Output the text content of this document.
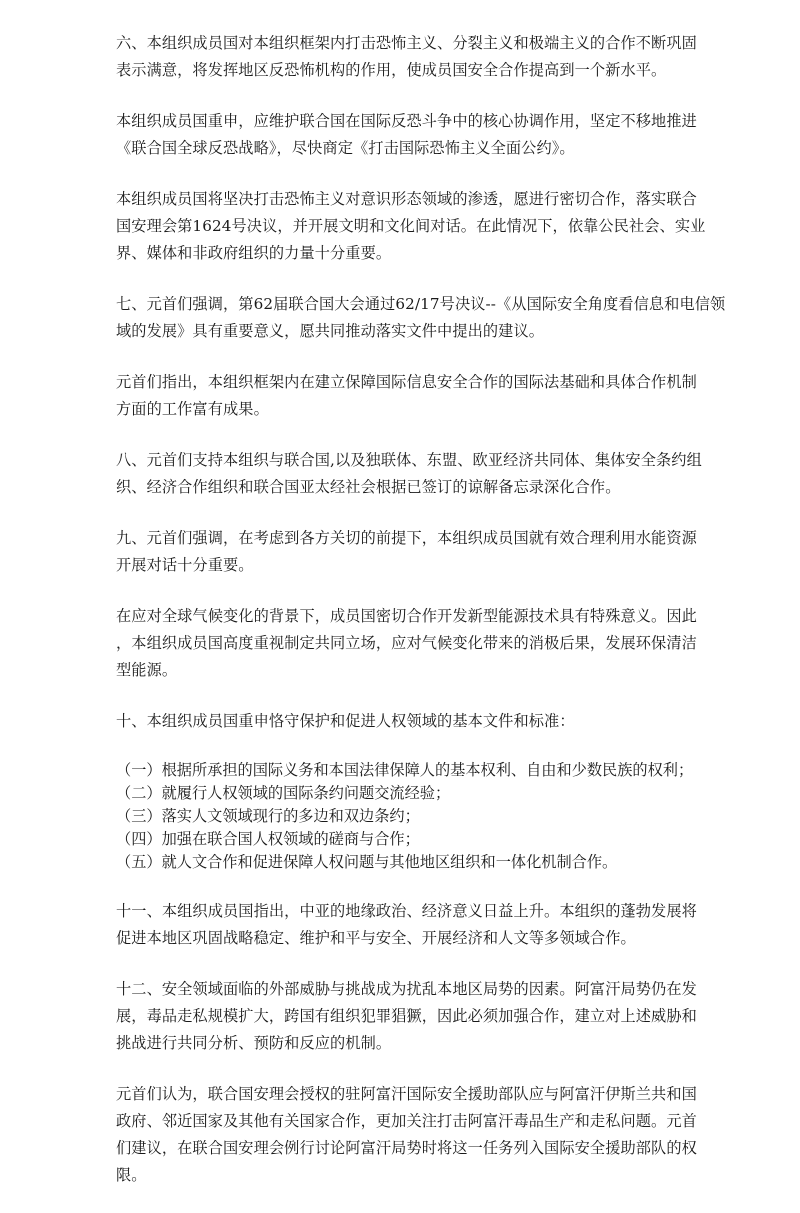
六、本组织成员国对本组织框架内打击恐怖主义、分裂主义和极端主义的合作不断巩固
表示满意，将发挥地区反恐怖机构的作用，使成员国安全合作提高到一个新水平。

本组织成员国重申，应维护联合国在国际反恐斗争中的核心协调作用，坚定不移地推进
《联合国全球反恐战略》，尽快商定《打击国际恐怖主义全面公约》。

本组织成员国将坚决打击恐怖主义对意识形态领域的渗透，愿进行密切合作，落实联合
国安理会第1624号决议，并开展文明和文化间对话。在此情况下，依靠公民社会、实业
界、媒体和非政府组织的力量十分重要。

七、元首们强调，第62届联合国大会通过62/17号决议--《从国际安全角度看信息和电信领
域的发展》具有重要意义，愿共同推动落实文件中提出的建议。

元首们指出，本组织框架内在建立保障国际信息安全合作的国际法基础和具体合作机制
方面的工作富有成果。

八、元首们支持本组织与联合国,以及独联体、东盟、欧亚经济共同体、集体安全条约组
织、经济合作组织和联合国亚太经社会根据已签订的谅解备忘录深化合作。

九、元首们强调，在考虑到各方关切的前提下，本组织成员国就有效合理利用水能资源
开展对话十分重要。

在应对全球气候变化的背景下，成员国密切合作开发新型能源技术具有特殊意义。因此
，本组织成员国高度重视制定共同立场，应对气候变化带来的消极后果，发展环保清洁
型能源。

十、本组织成员国重申恪守保护和促进人权领域的基本文件和标准：

（一）根据所承担的国际义务和本国法律保障人的基本权利、自由和少数民族的权利；
（二）就履行人权领域的国际条约问题交流经验；
（三）落实人文领域现行的多边和双边条约；
（四）加强在联合国人权领域的磋商与合作；
（五）就人文合作和促进保障人权问题与其他地区组织和一体化机制合作。

十一、本组织成员国指出，中亚的地缘政治、经济意义日益上升。本组织的蓬勃发展将
促进本地区巩固战略稳定、维护和平与安全、开展经济和人文等多领域合作。

十二、安全领域面临的外部威胁与挑战成为扰乱本地区局势的因素。阿富汗局势仍在发
展，毒品走私规模扩大，跨国有组织犯罪猖獗，因此必须加强合作，建立对上述威胁和
挑战进行共同分析、预防和反应的机制。

元首们认为，联合国安理会授权的驻阿富汗国际安全援助部队应与阿富汗伊斯兰共和国
政府、邻近国家及其他有关国家合作，更加关注打击阿富汗毒品生产和走私问题。元首
们建议，在联合国安理会例行讨论阿富汗局势时将这一任务列入国际安全援助部队的权
限。
